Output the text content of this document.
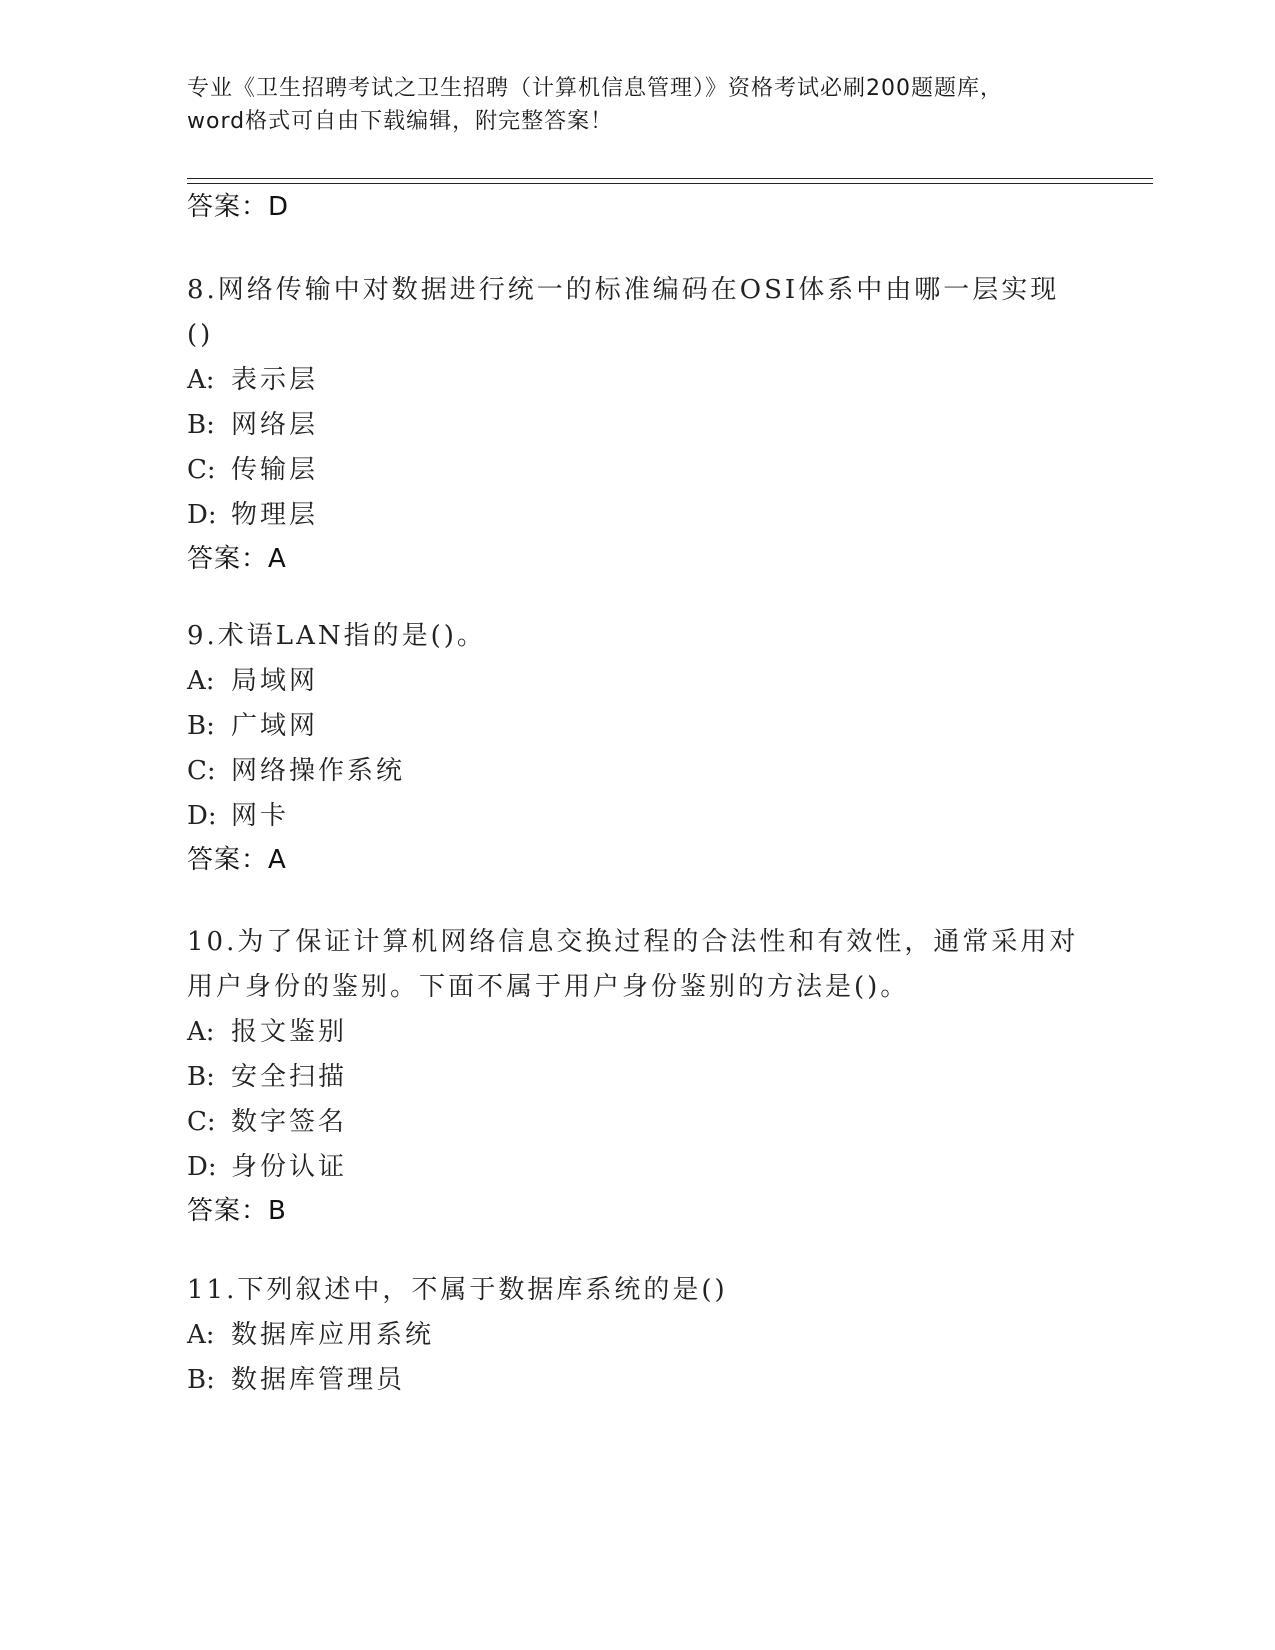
专业《卫生招聘考试之卫生招聘（计算机信息管理）》资格考试必刷200题题库，
word格式可自由下载编辑，附完整答案！
答案：D
8.网络传输中对数据进行统一的标准编码在OSI体系中由哪一层实现
()
A: 表示层
B: 网络层
C: 传输层
D: 物理层
答案：A
9.术语LAN指的是()。
A: 局域网
B: 广域网
C: 网络操作系统
D: 网卡
答案：A
10.为了保证计算机网络信息交换过程的合法性和有效性，通常采用对
用户身份的鉴别。下面不属于用户身份鉴别的方法是()。
A: 报文鉴别
B: 安全扫描
C: 数字签名
D: 身份认证
答案：B
11.下列叙述中，不属于数据库系统的是()
A: 数据库应用系统
B: 数据库管理员
